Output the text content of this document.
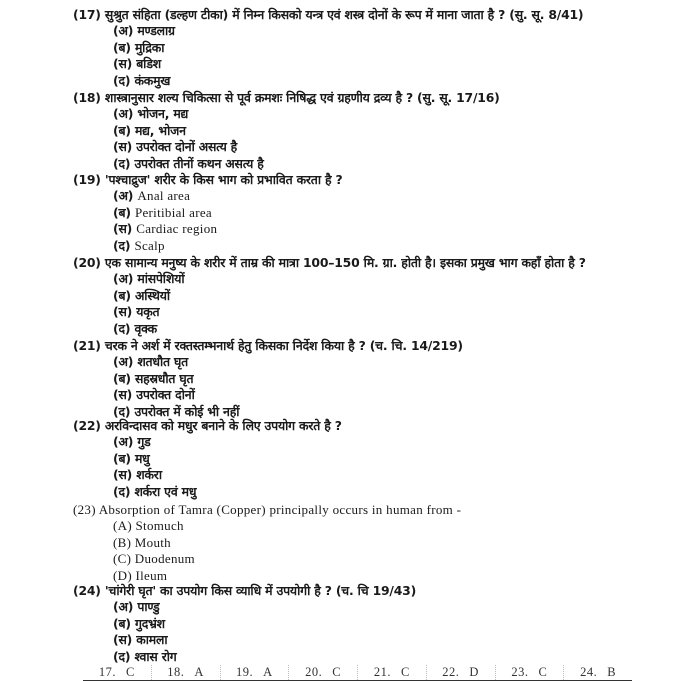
(17) सुश्रुत संहिता (डल्हण टीका) में निम्न किसको यन्त्र एवं शस्त्र दोनों के रूप में माना जाता है ? (सु. सू. 8/41)
(अ) मण्डलाग्र
(ब) मुद्रिका
(स) बडिश
(द) कंकमुख
(18) शास्त्रानुसार शल्य चिकित्सा से पूर्व क्रमशः निषिद्ध एवं ग्रहणीय द्रव्य है ? (सु. सू. 17/16)
(अ) भोजन, मद्य
(ब) मद्य, भोजन
(स) उपरोक्त दोनों असत्य है
(द) उपरोक्त तीनों कथन असत्य है
(19) 'पश्चाद्रुज' शरीर के किस भाग को प्रभावित करता है ?
(अ) Anal area
(ब) Peritibial area
(स) Cardiac region
(द) Scalp
(20) एक सामान्य मनुष्य के शरीर में ताम्र की मात्रा 100–150 मि. ग्रा. होती है। इसका प्रमुख भाग कहाँ होता है ?
(अ) मांसपेशियों
(ब) अस्थियों
(स) यकृत
(द) वृक्क
(21) चरक ने अर्श में रक्तस्तम्भनार्थ हेतु किसका निर्देश किया है ? (च. चि. 14/219)
(अ) शतधौत घृत
(ब) सहस्रधौत घृत
(स) उपरोक्त दोनों
(द) उपरोक्त में कोई भी नहीं
(22) अरविन्दासव को मधुर बनाने के लिए उपयोग करते है ?
(अ) गुड
(ब) मधु
(स) शर्करा
(द) शर्करा एवं मधु
(23) Absorption of Tamra (Copper) principally occurs in human from -
(A) Stomuch
(B) Mouth
(C) Duodenum
(D) Ileum
(24) 'चांगेरी घृत' का उपयोग किस व्याधि में उपयोगी है ? (च. चि 19/43)
(अ) पाण्डु
(ब) गुदभ्रंश
(स) कामला
(द) श्वास रोग
17. C	18. A	19. A	20. C	21. C	22. D	23. C	24. B
